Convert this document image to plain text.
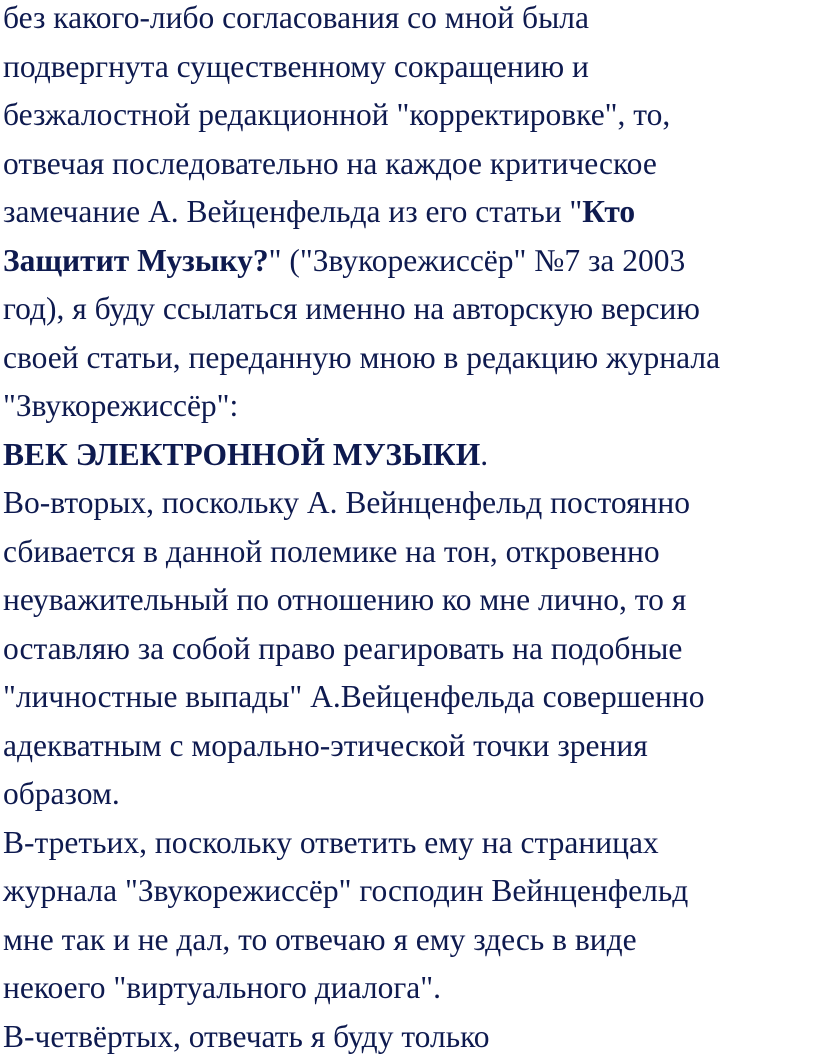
без какого-либо согласования со мной была
подвергнута существенному сокращению и
безжалостной редакционной "корректировке", то,
отвечая последовательно на каждое критическое
замечание А. Вейценфельда из его статьи "Кто
Защитит Музыку?" ("Звукорежиссёр" №7 за 2003
год), я буду ссылаться именно на авторскую версию
своей статьи, переданную мною в редакцию журнала
"Звукорежиссёр":
ВЕК ЭЛЕКТРОННОЙ МУЗЫКИ.
Во-вторых, поскольку А. Вейнценфельд постоянно
сбивается в данной полемике на тон, откровенно
неуважительный по отношению ко мне лично, то я
оставляю за собой право реагировать на подобные
"личностные выпады" А.Вейценфельда совершенно
адекватным с морально-этической точки зрения
образом.
В-третьих, поскольку ответить ему на страницах
журнала "Звукорежиссёр" господин Вейнценфельд
мне так и не дал, то отвечаю я ему здесь в виде
некоего "виртуального диалога".
В-четвёртых, отвечать я буду только
